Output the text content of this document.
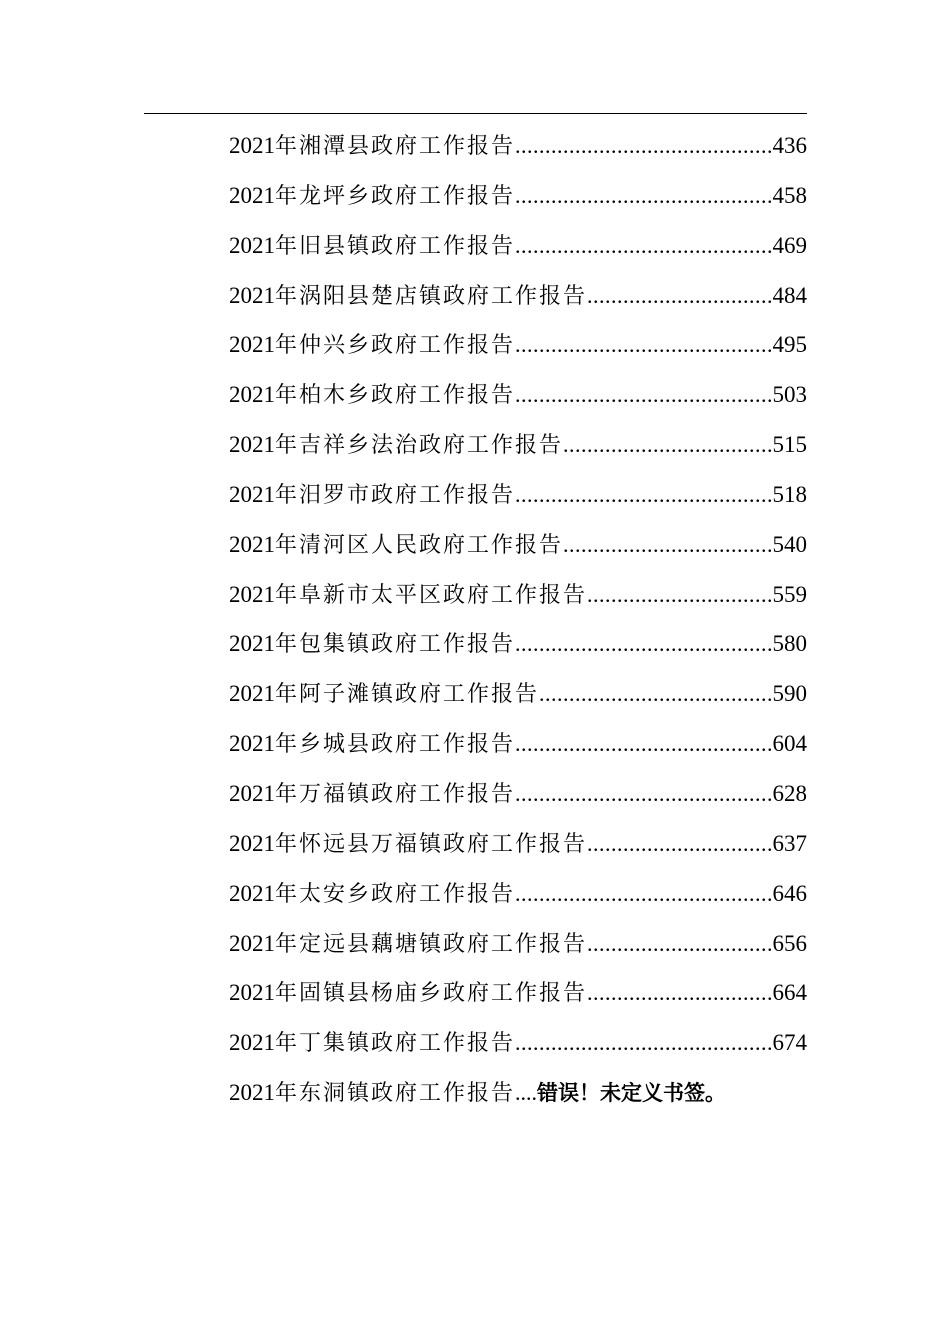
2021年湘潭县政府工作报告 .....	436
2021年龙坪乡政府工作报告 .....	458
2021年旧县镇政府工作报告 .....	469
2021年涡阳县楚店镇政府工作报告 .....	484
2021年仲兴乡政府工作报告 .....	495
2021年柏木乡政府工作报告 .....	503
2021年吉祥乡法治政府工作报告 .....	515
2021年汨罗市政府工作报告 .....	518
2021年清河区人民政府工作报告 .....	540
2021年阜新市太平区政府工作报告 .....	559
2021年包集镇政府工作报告 .....	580
2021年阿子滩镇政府工作报告 .....	590
2021年乡城县政府工作报告 .....	604
2021年万福镇政府工作报告 .....	628
2021年怀远县万福镇政府工作报告 .....	637
2021年太安乡政府工作报告 .....	646
2021年定远县藕塘镇政府工作报告 .....	656
2021年固镇县杨庙乡政府工作报告 .....	664
2021年丁集镇政府工作报告 .....	674
2021年东洞镇政府工作报告 .... 错误！未定义书签。
